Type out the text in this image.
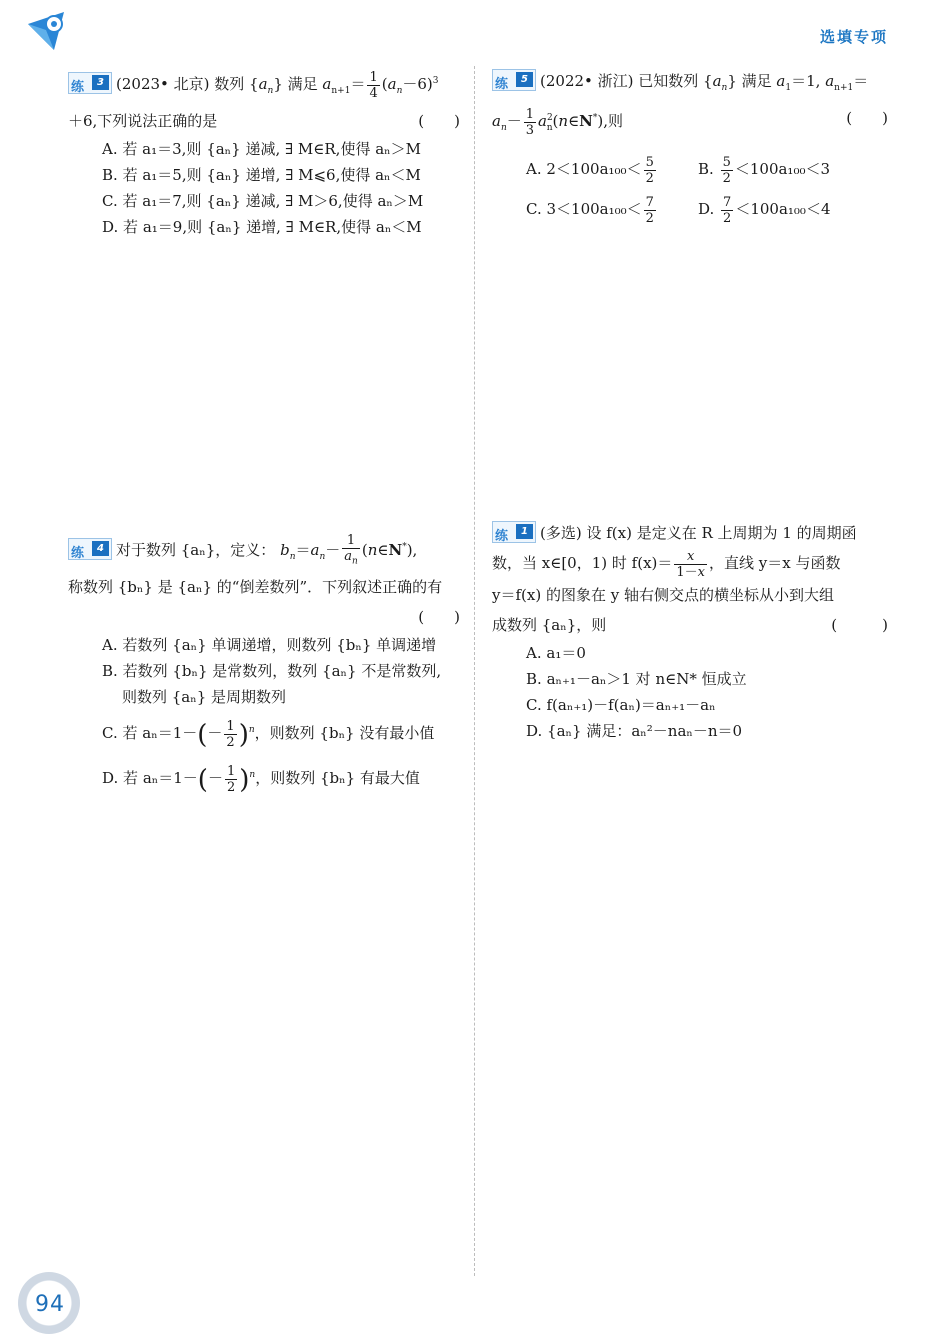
选填专项
练	3 (2023• 北京) 数列 $\{a_n\}$ 满足 $a_{n+1}= \frac{1}{4} (a_n-6)^3$
＋6,下列说法正确的是	(　　)
A. 若 a₁＝3,则 {aₙ} 递减, ∃ M∈R,使得 aₙ＞M
B. 若 a₁＝5,则 {aₙ} 递增, ∃ M⩽6,使得 aₙ＜M
C. 若 a₁＝7,则 {aₙ} 递减, ∃ M＞6,使得 aₙ＞M
D. 若 a₁＝9,则 {aₙ} 递增, ∃ M∈R,使得 aₙ＜M
练	5 (2022• 浙江) 已知数列 $\{a_n\}$ 满足 $a_1=1$, $a_{n+1}=$
$a_n- \frac{1}{3}$ $a^2_n(n\in N^*)$,则	(　　)
A. $2<100a_{100}< \frac{5}{2}$	B. $\frac{5}{2} <100a_{100}<3$
C. $3<100a_{100}< \frac{7}{2}$	D. $\frac{7}{2} <100a_{100}<4$
练	4 对于数列 {aₙ}，定义： $b_n=a_n- \frac{1}{a_n}$ (n∈N*),
称数列 {bₙ} 是 {aₙ} 的“倒差数列”．下列叙述正确的有
(　　)
A. 若数列 {aₙ} 单调递增，则数列 {bₙ} 单调递增
B. 若数列 {bₙ} 是常数列，数列 {aₙ} 不是常数列,
则数列 {aₙ} 是周期数列
C. 若 $a_n=1-(- \frac{1}{2} )^n$，则数列 {bₙ} 没有最小值
D. 若 $a_n=1-(- \frac{1}{2} )^n$，则数列 {bₙ} 有最大值
练	1 (多选) 设 f(x) 是定义在 R 上周期为 1 的周期函
数，当 x∈[0，1) 时 $f(x)= \frac{x}{1-x}$ ，直线 y＝x 与函数
y＝f(x) 的图象在 y 轴右侧交点的横坐标从小到大组
成数列 {aₙ}，则	(　　　)
A. a₁＝0
B. aₙ₊₁－aₙ＞1 对 n∈N* 恒成立
C. f(aₙ₊₁)－f(aₙ)＝aₙ₊₁－aₙ
D. {aₙ} 满足：aₙ²－naₙ－n＝0
94
